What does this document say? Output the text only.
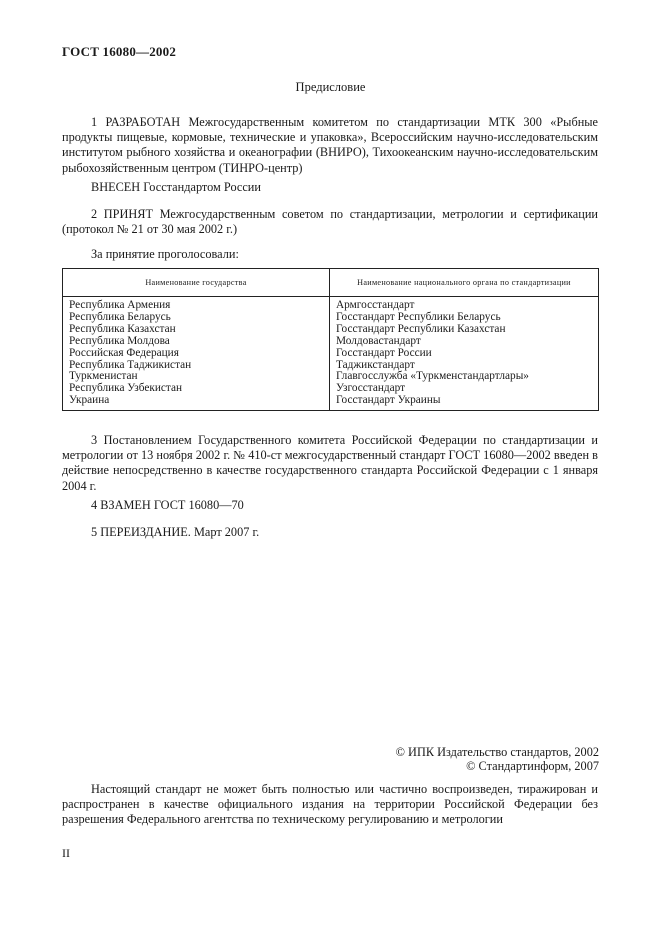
ГОСТ 16080—2002
Предисловие

1 РАЗРАБОТАН Межгосударственным комитетом по стандартизации МТК 300 «Рыбные продукты пищевые, кормовые, технические и упаковка», Всероссийским научно-исследовательским институтом рыбного хозяйства и океанографии (ВНИРО), Тихоокеанским научно-исследовательским рыбохозяйственным центром (ТИНРО-центр)

ВНЕСЕН Госстандартом России

2 ПРИНЯТ Межгосударственным советом по стандартизации, метрологии и сертификации (протокол № 21 от 30 мая 2002 г.)

За принятие проголосовали:

Наименование государства	Наименование национального органа по стандартизации
Республика Армения	Армгосстандарт
Республика Беларусь	Госстандарт Республики Беларусь
Республика Казахстан	Госстандарт Республики Казахстан
Республика Молдова	Молдовастандарт
Российская Федерация	Госстандарт России
Республика Таджикистан	Таджикстандарт
Туркменистан	Главгосслужба «Туркменстандартлары»
Республика Узбекистан	Узгосстандарт
Украина	Госстандарт Украины

3 Постановлением Государственного комитета Российской Федерации по стандартизации и метрологии от 13 ноября 2002 г. № 410-ст межгосударственный стандарт ГОСТ 16080—2002 введен в действие непосредственно в качестве государственного стандарта Российской Федерации с 1 января 2004 г.

4 ВЗАМЕН ГОСТ 16080—70

5 ПЕРЕИЗДАНИЕ. Март 2007 г.

© ИПК Издательство стандартов, 2002
© Стандартинформ, 2007

Настоящий стандарт не может быть полностью или частично воспроизведен, тиражирован и распространен в качестве официального издания на территории Российской Федерации без разрешения Федерального агентства по техническому регулированию и метрологии

II
